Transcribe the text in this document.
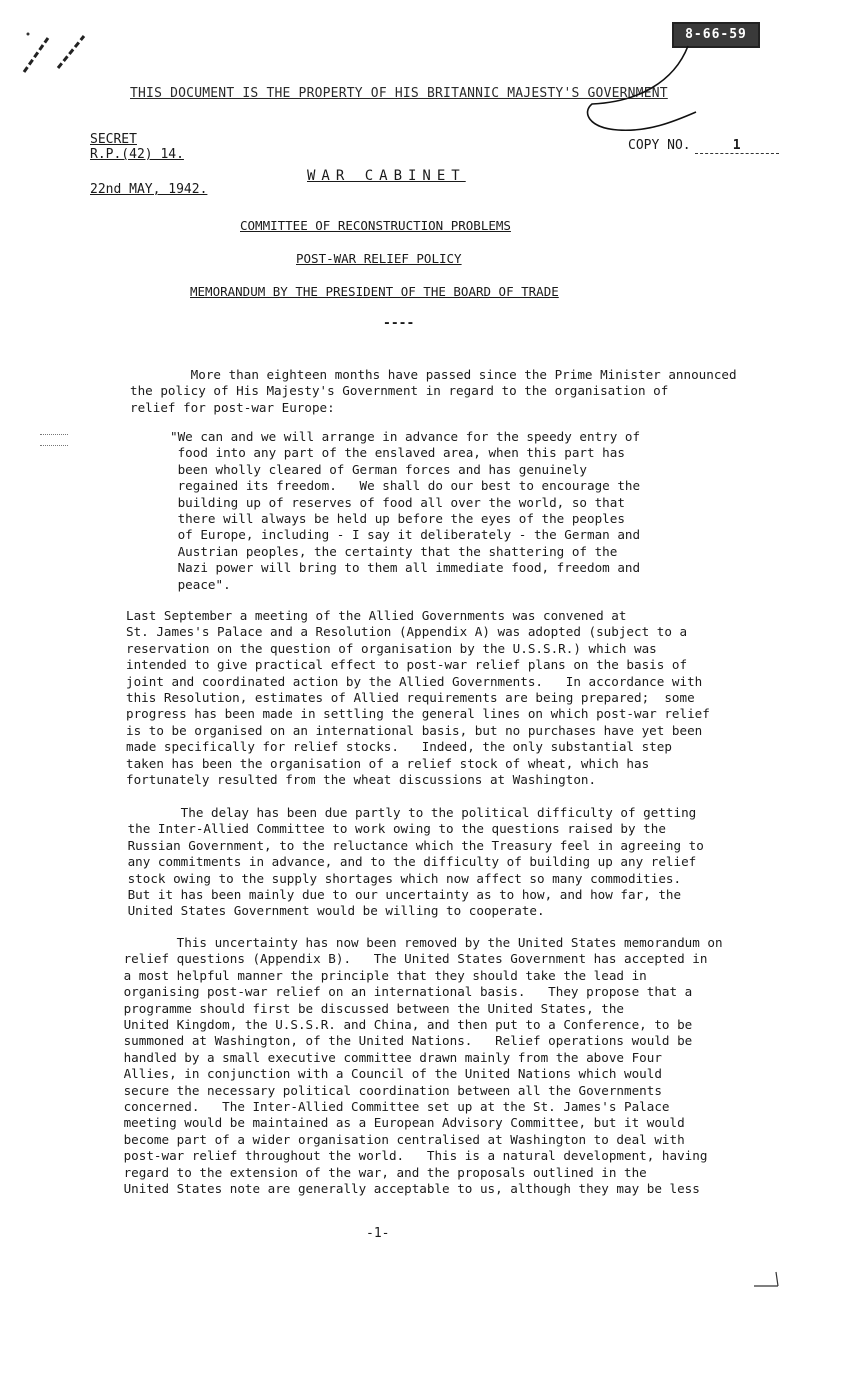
8-66-59
THIS DOCUMENT IS THE PROPERTY OF HIS BRITANNIC MAJESTY'S GOVERNMENT
SECRET
R.P.(42) 14.
22nd MAY, 1942.
COPY NO.	1
WAR CABINET
COMMITTEE OF RECONSTRUCTION PROBLEMS
POST-WAR RELIEF POLICY
MEMORANDUM BY THE PRESIDENT OF THE BOARD OF TRADE
----
More than eighteen months have passed since the Prime Minister announced
the policy of His Majesty's Government in regard to the organisation of
relief for post-war Europe:
"We can and we will arrange in advance for the speedy entry of
food into any part of the enslaved area, when this part has
been wholly cleared of German forces and has genuinely
regained its freedom.   We shall do our best to encourage the
building up of reserves of food all over the world, so that
there will always be held up before the eyes of the peoples
of Europe, including - I say it deliberately - the German and
Austrian peoples, the certainty that the shattering of the
Nazi power will bring to them all immediate food, freedom and
peace".
Last September a meeting of the Allied Governments was convened at
St. James's Palace and a Resolution (Appendix A) was adopted (subject to a
reservation on the question of organisation by the U.S.S.R.) which was
intended to give practical effect to post-war relief plans on the basis of
joint and coordinated action by the Allied Governments.   In accordance with
this Resolution, estimates of Allied requirements are being prepared;  some
progress has been made in settling the general lines on which post-war relief
is to be organised on an international basis, but no purchases have yet been
made specifically for relief stocks.   Indeed, the only substantial step
taken has been the organisation of a relief stock of wheat, which has
fortunately resulted from the wheat discussions at Washington.
The delay has been due partly to the political difficulty of getting
the Inter-Allied Committee to work owing to the questions raised by the
Russian Government, to the reluctance which the Treasury feel in agreeing to
any commitments in advance, and to the difficulty of building up any relief
stock owing to the supply shortages which now affect so many commodities.
But it has been mainly due to our uncertainty as to how, and how far, the
United States Government would be willing to cooperate.
This uncertainty has now been removed by the United States memorandum on
relief questions (Appendix B).   The United States Government has accepted in
a most helpful manner the principle that they should take the lead in
organising post-war relief on an international basis.   They propose that a
programme should first be discussed between the United States, the
United Kingdom, the U.S.S.R. and China, and then put to a Conference, to be
summoned at Washington, of the United Nations.   Relief operations would be
handled by a small executive committee drawn mainly from the above Four
Allies, in conjunction with a Council of the United Nations which would
secure the necessary political coordination between all the Governments
concerned.   The Inter-Allied Committee set up at the St. James's Palace
meeting would be maintained as a European Advisory Committee, but it would
become part of a wider organisation centralised at Washington to deal with
post-war relief throughout the world.   This is a natural development, having
regard to the extension of the war, and the proposals outlined in the
United States note are generally acceptable to us, although they may be less
-1-
